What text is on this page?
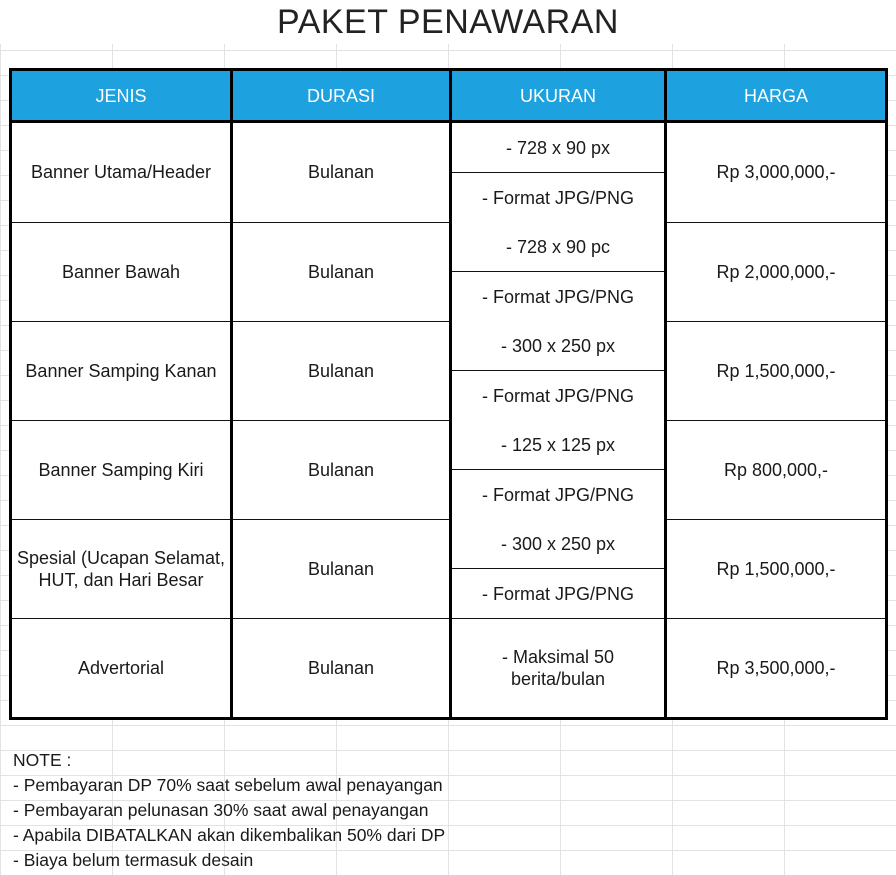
PAKET PENAWARAN
JENIS	DURASI	UKURAN	HARGA

Banner Utama/Header	Bulanan	- 728 x 90 px	Rp 3,000,000,-
		- Format JPG/PNG	

Banner Bawah	Bulanan	- 728 x 90 pc	Rp 2,000,000,-
		- Format JPG/PNG	

Banner Samping Kanan	Bulanan	- 300 x 250 px	Rp 1,500,000,-
		- Format JPG/PNG	

Banner Samping Kiri	Bulanan	- 125 x 125 px	Rp 800,000,-
		- Format JPG/PNG	

Spesial (Ucapan Selamat,
HUT, dan Hari Besar	Bulanan	- 300 x 250 px	Rp 1,500,000,-
		- Format JPG/PNG	

Advertorial	Bulanan	- Maksimal 50
berita/bulan	Rp 3,500,000,-
NOTE :
- Pembayaran DP 70% saat sebelum awal penayangan
- Pembayaran pelunasan 30% saat awal penayangan
- Apabila DIBATALKAN akan dikembalikan 50% dari DP
- Biaya belum termasuk desain
